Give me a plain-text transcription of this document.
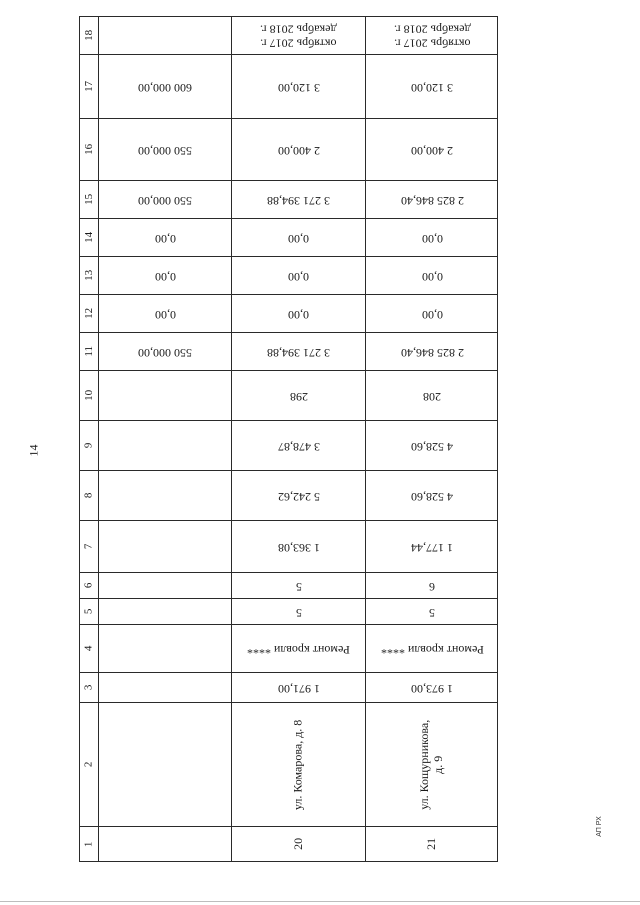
14
18
17
16
15
14
13
12
11
10
9
8
7
6
5
4
3
2
1
600 000,00
550 000,00
550 000,00
0,00
0,00
0,00
550 000,00
октябрь 2017 г.
декабрь 2018 г.
3 120,00
2 400,00
3 271 394,88
0,00
0,00
0,00
3 271 394,88
298
3 478,87
5 242,62
1 363,08
5
5
Ремонт кровли ****
1 971,00
ул. Комарова, д. 8
20
октябрь 2017 г.
декабрь 2018 г.
3 120,00
2 400,00
2 825 846,40
0,00
0,00
0,00
2 825 846,40
208
4 528,60
4 528,60
1 177,44
6
5
Ремонт кровли ****
1 973,00
ул. Кощурникова,
д. 9
21
АП РХ
